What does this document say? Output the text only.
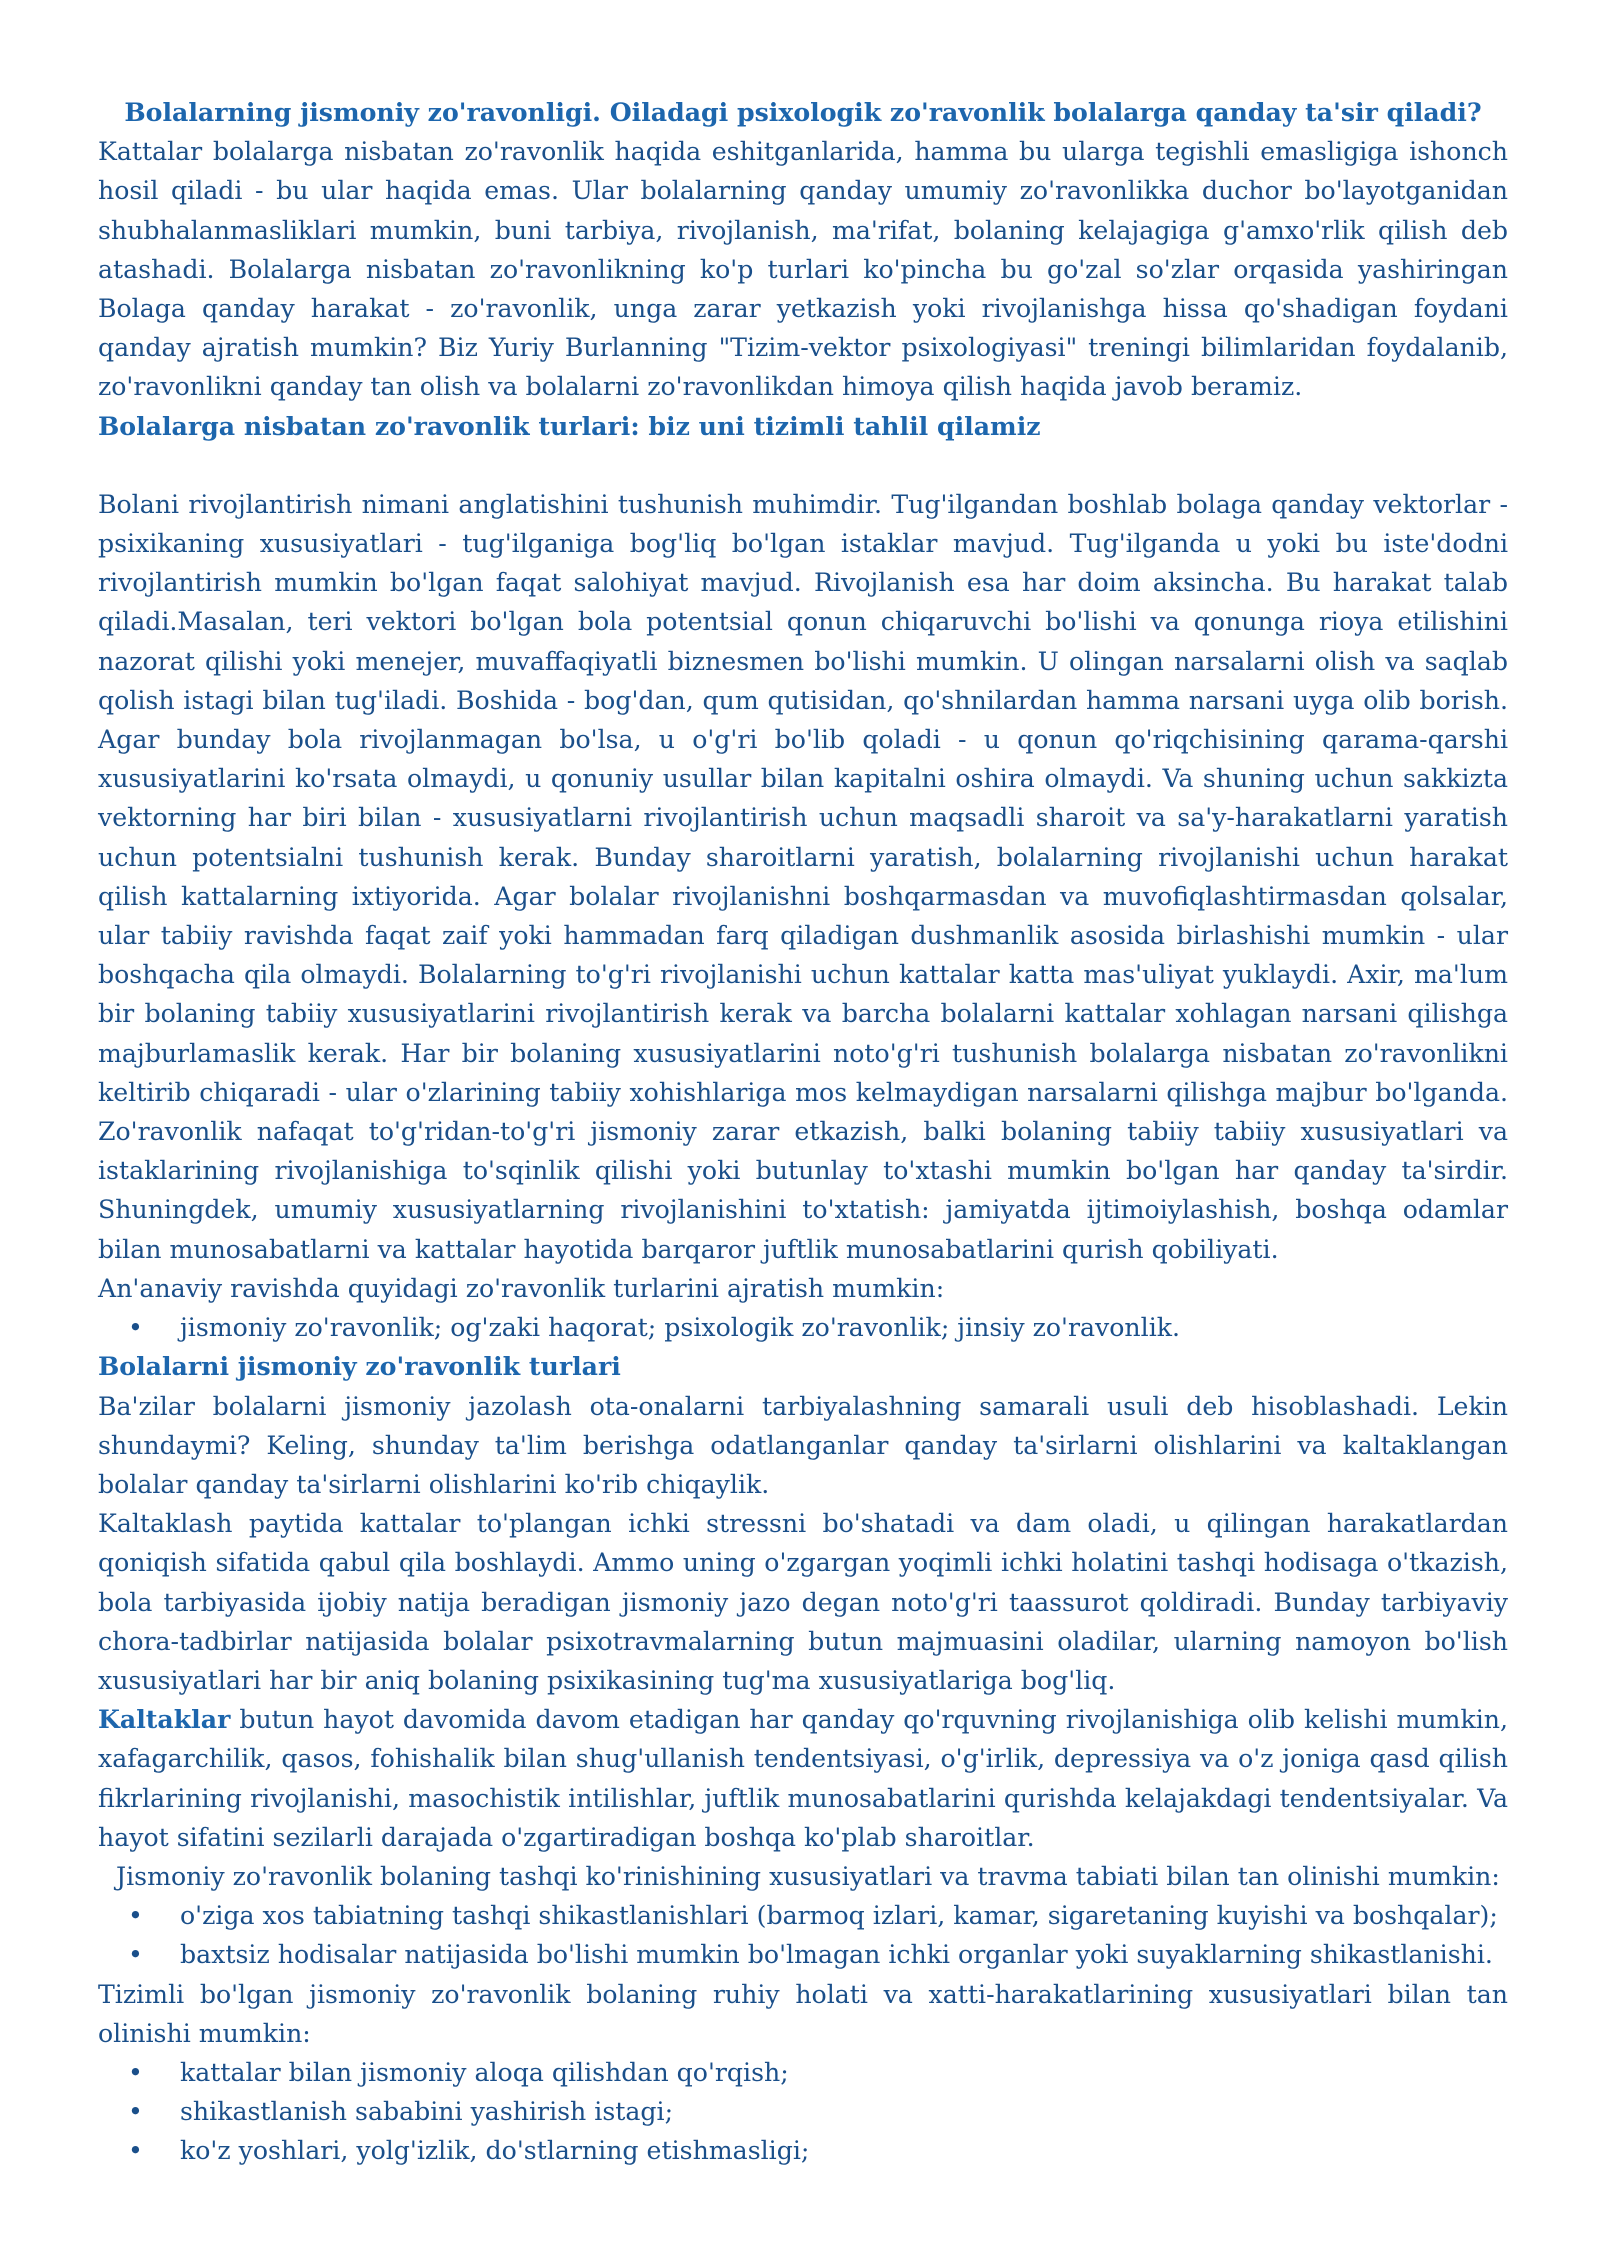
Bolalarning jismoniy zo'ravonligi. Oiladagi psixologik zo'ravonlik bolalarga qanday ta'sir qiladi?

Kattalar bolalarga nisbatan zo'ravonlik haqida eshitganlarida, hamma bu ularga tegishli emasligiga ishonch hosil qiladi - bu ular haqida emas. Ular bolalarning qanday umumiy zo'ravonlikka duchor bo'layotganidan shubhalanmasliklari mumkin, buni tarbiya, rivojlanish, ma'rifat, bolaning kelajagiga g'amxo'rlik qilish deb atashadi. Bolalarga nisbatan zo'ravonlikning ko'p turlari ko'pincha bu go'zal so'zlar orqasida yashiringan Bolaga qanday harakat - zo'ravonlik, unga zarar yetkazish yoki rivojlanishga hissa qo'shadigan foydani qanday ajratish mumkin? Biz Yuriy Burlanning "Tizim-vektor psixologiyasi" treningi bilimlaridan foydalanib, zo'ravonlikni qanday tan olish va bolalarni zo'ravonlikdan himoya qilish haqida javob beramiz.

Bolalarga nisbatan zo'ravonlik turlari: biz uni tizimli tahlil qilamiz

Bolani rivojlantirish nimani anglatishini tushunish muhimdir. Tug'ilgandan boshlab bolaga qanday vektorlar - psixikaning xususiyatlari - tug'ilganiga bog'liq bo'lgan istaklar mavjud. Tug'ilganda u yoki bu iste'dodni rivojlantirish mumkin bo'lgan faqat salohiyat mavjud. Rivojlanish esa har doim aksincha. Bu harakat talab qiladi.Masalan, teri vektori bo'lgan bola potentsial qonun chiqaruvchi bo'lishi va qonunga rioya etilishini nazorat qilishi yoki menejer, muvaffaqiyatli biznesmen bo'lishi mumkin. U olingan narsalarni olish va saqlab qolish istagi bilan tug'iladi. Boshida - bog'dan, qum qutisidan, qo'shnilardan hamma narsani uyga olib borish. Agar bunday bola rivojlanmagan bo'lsa, u o'g'ri bo'lib qoladi - u qonun qo'riqchisining qarama-qarshi xususiyatlarini ko'rsata olmaydi, u qonuniy usullar bilan kapitalni oshira olmaydi. Va shuning uchun sakkizta vektorning har biri bilan - xususiyatlarni rivojlantirish uchun maqsadli sharoit va sa'y-harakatlarni yaratish uchun potentsialni tushunish kerak. Bunday sharoitlarni yaratish, bolalarning rivojlanishi uchun harakat qilish kattalarning ixtiyorida. Agar bolalar rivojlanishni boshqarmasdan va muvofiqlashtirmasdan qolsalar, ular tabiiy ravishda faqat zaif yoki hammadan farq qiladigan dushmanlik asosida birlashishi mumkin - ular boshqacha qila olmaydi. Bolalarning to'g'ri rivojlanishi uchun kattalar katta mas'uliyat yuklaydi. Axir, ma'lum bir bolaning tabiiy xususiyatlarini rivojlantirish kerak va barcha bolalarni kattalar xohlagan narsani qilishga majburlamaslik kerak. Har bir bolaning xususiyatlarini noto'g'ri tushunish bolalarga nisbatan zo'ravonlikni keltirib chiqaradi - ular o'zlarining tabiiy xohishlariga mos kelmaydigan narsalarni qilishga majbur bo'lganda. Zo'ravonlik nafaqat to'g'ridan-to'g'ri jismoniy zarar etkazish, balki bolaning tabiiy tabiiy xususiyatlari va istaklarining rivojlanishiga to'sqinlik qilishi yoki butunlay to'xtashi mumkin bo'lgan har qanday ta'sirdir. Shuningdek, umumiy xususiyatlarning rivojlanishini to'xtatish: jamiyatda ijtimoiylashish, boshqa odamlar bilan munosabatlarni va kattalar hayotida barqaror juftlik munosabatlarini qurish qobiliyati.

An'anaviy ravishda quyidagi zo'ravonlik turlarini ajratish mumkin:

• jismoniy zo'ravonlik; og'zaki haqorat; psixologik zo'ravonlik; jinsiy zo'ravonlik.

Bolalarni jismoniy zo'ravonlik turlari

Ba'zilar bolalarni jismoniy jazolash ota-onalarni tarbiyalashning samarali usuli deb hisoblashadi. Lekin shundaymi? Keling, shunday ta'lim berishga odatlanganlar qanday ta'sirlarni olishlarini va kaltaklangan bolalar qanday ta'sirlarni olishlarini ko'rib chiqaylik.

Kaltaklash paytida kattalar to'plangan ichki stressni bo'shatadi va dam oladi, u qilingan harakatlardan qoniqish sifatida qabul qila boshlaydi. Ammo uning o'zgargan yoqimli ichki holatini tashqi hodisaga o'tkazish, bola tarbiyasida ijobiy natija beradigan jismoniy jazo degan noto'g'ri taassurot qoldiradi. Bunday tarbiyaviy chora-tadbirlar natijasida bolalar psixotravmalarning butun majmuasini oladilar, ularning namoyon bo'lish xususiyatlari har bir aniq bolaning psixikasining tug'ma xususiyatlariga bog'liq.

Kaltaklar butun hayot davomida davom etadigan har qanday qo'rquvning rivojlanishiga olib kelishi mumkin, xafagarchilik, qasos, fohishalik bilan shug'ullanish tendentsiyasi, o'g'irlik, depressiya va o'z joniga qasd qilish fikrlarining rivojlanishi, masochistik intilishlar, juftlik munosabatlarini qurishda kelajakdagi tendentsiyalar. Va hayot sifatini sezilarli darajada o'zgartiradigan boshqa ko'plab sharoitlar.

Jismoniy zo'ravonlik bolaning tashqi ko'rinishining xususiyatlari va travma tabiati bilan tan olinishi mumkin:

• o'ziga xos tabiatning tashqi shikastlanishlari (barmoq izlari, kamar, sigaretaning kuyishi va boshqalar);
• baxtsiz hodisalar natijasida bo'lishi mumkin bo'lmagan ichki organlar yoki suyaklarning shikastlanishi.

Tizimli bo'lgan jismoniy zo'ravonlik bolaning ruhiy holati va xatti-harakatlarining xususiyatlari bilan tan olinishi mumkin:

• kattalar bilan jismoniy aloqa qilishdan qo'rqish;
• shikastlanish sababini yashirish istagi;
• ko'z yoshlari, yolg'izlik, do'stlarning etishmasligi;
